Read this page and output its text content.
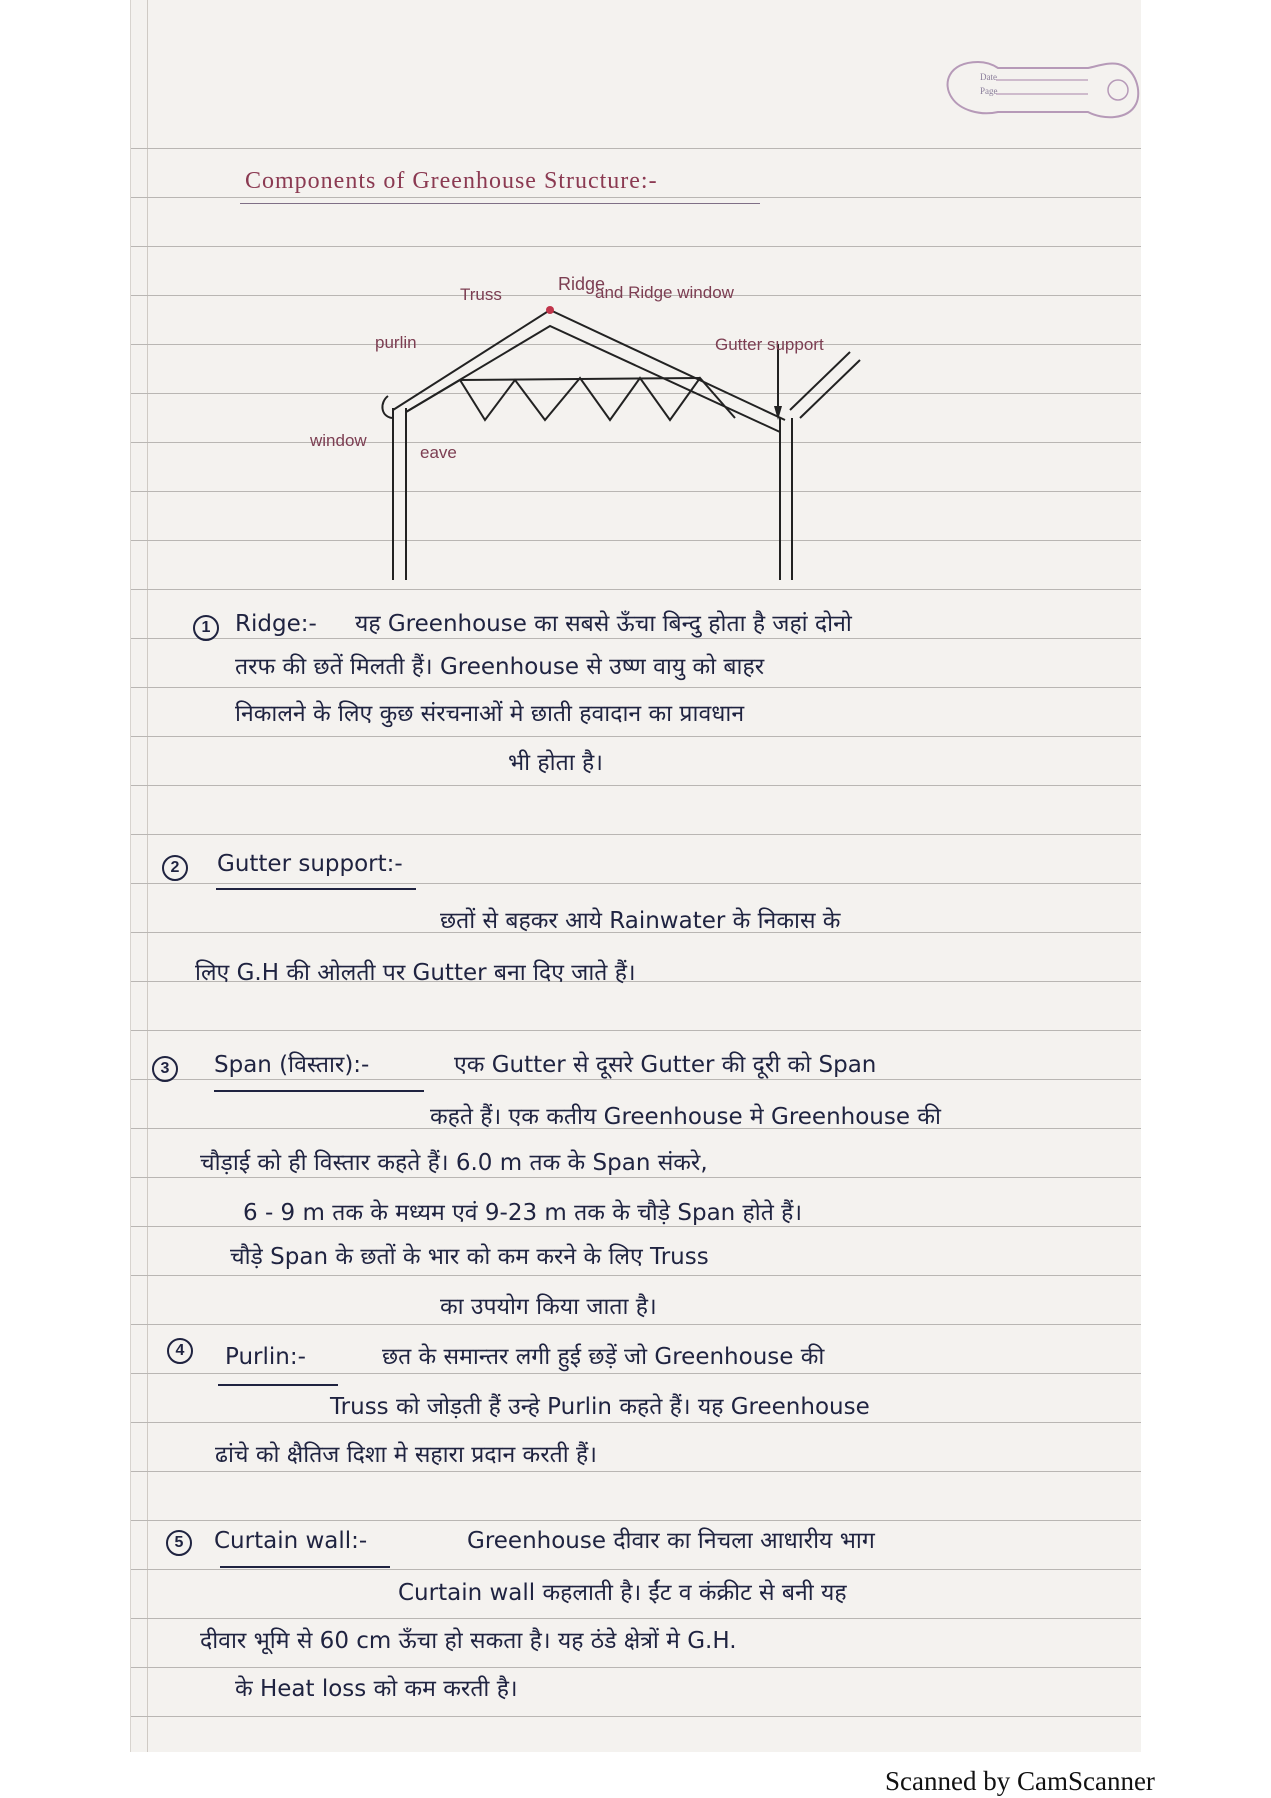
Date
Page
Components of Greenhouse Structure:-
Ridge
and Ridge window
Truss
purlin	Gutter support
window
eave
1	Ridge:- यह Greenhouse का सबसे ऊँचा बिन्दु होता है जहां दोनो
तरफ की छतें मिलती हैं। Greenhouse से उष्ण वायु को बाहर
निकालने के लिए कुछ संरचनाओं मे छाती हवादान का प्रावधान
भी होता है।
2	Gutter support:-
छतों से बहकर आये Rainwater के निकास के
लिए G.H की ओलती पर Gutter बना दिए जाते हैं।
3	Span (विस्तार):-	एक Gutter से दूसरे Gutter की दूरी को Span
कहते हैं। एक कतीय Greenhouse मे Greenhouse की
चौड़ाई को ही विस्तार कहते हैं। 6.0 m तक के Span संकरे,
6 - 9 m तक के मध्यम एवं 9-23 m तक के चौड़े Span होते हैं।
चौड़े Span के छतों के भार को कम करने के लिए Truss
का उपयोग किया जाता है।
4	Purlin:-	छत के समान्तर लगी हुई छड़ें जो Greenhouse की
Truss को जोड़ती हैं उन्हे Purlin कहते हैं। यह Greenhouse
ढांचे को क्षैतिज दिशा मे सहारा प्रदान करती हैं।
5	Curtain wall:-	Greenhouse दीवार का निचला आधारीय भाग
Curtain wall कहलाती है। ईंट व कंक्रीट से बनी यह
दीवार भूमि से 60 cm ऊँचा हो सकता है। यह ठंडे क्षेत्रों मे G.H.
के Heat loss को कम करती है।
Scanned by CamScanner
